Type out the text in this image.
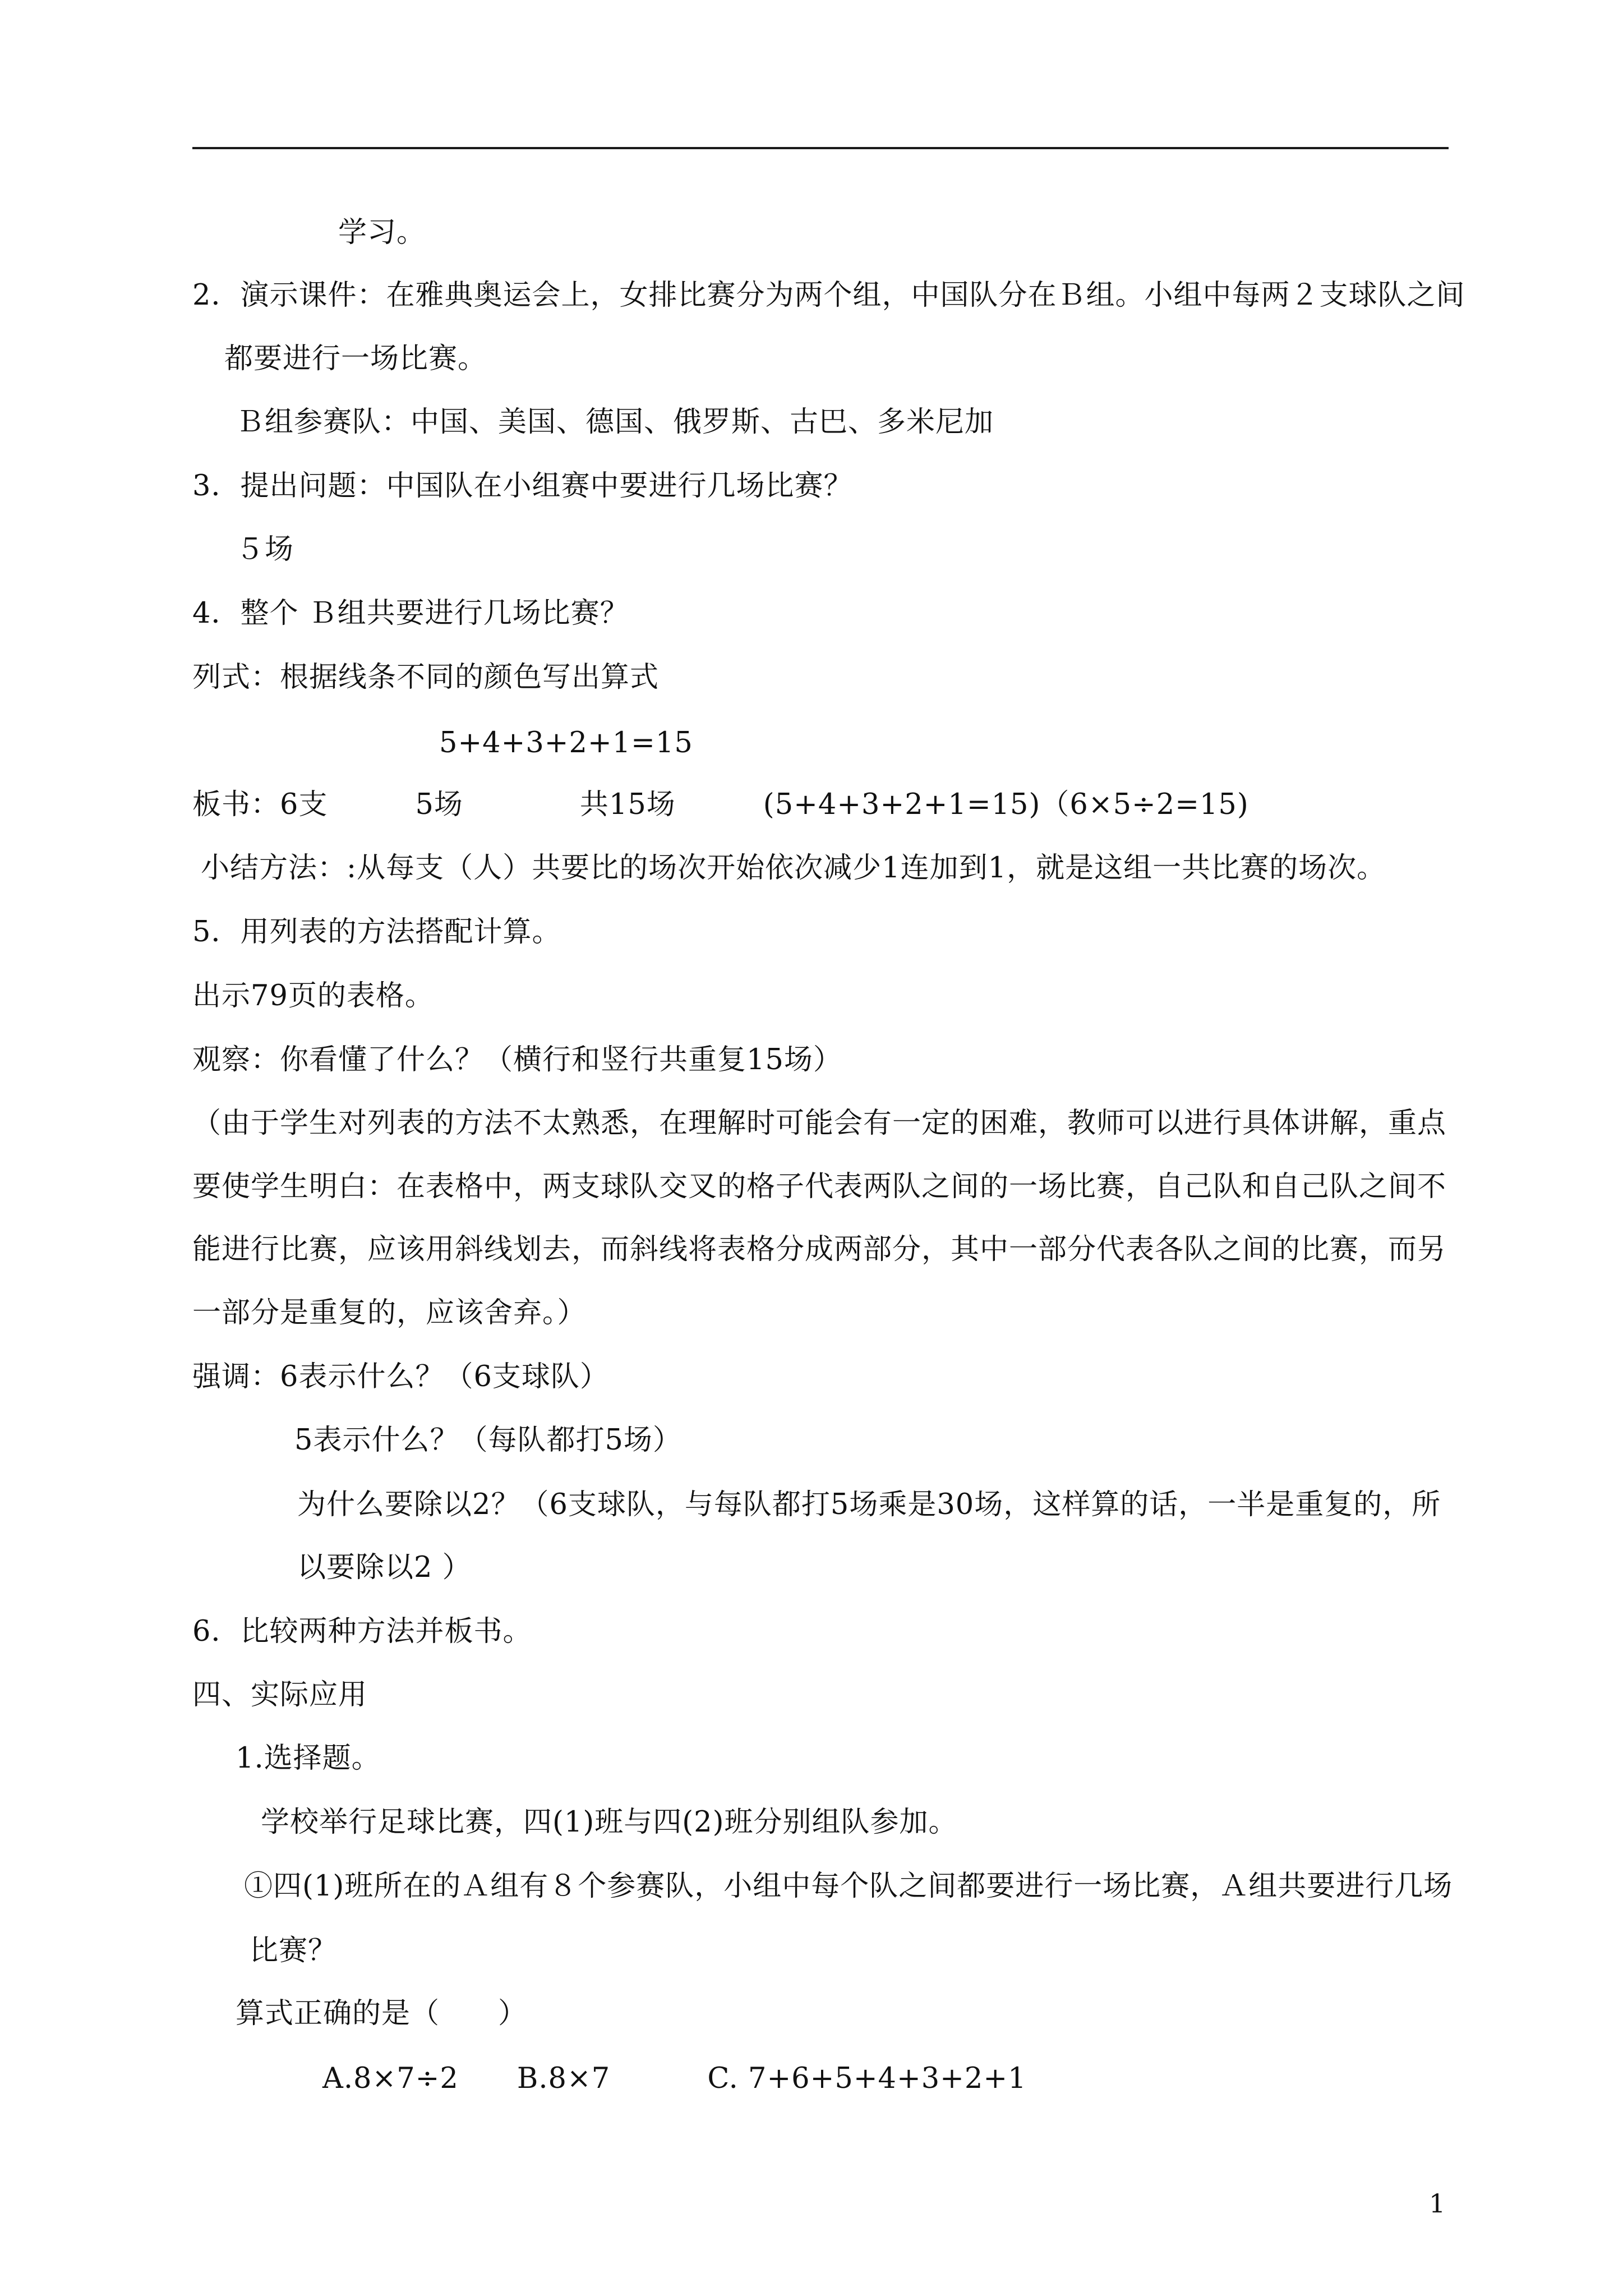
学习。
2．演示课件：在雅典奥运会上，女排比赛分为两个组，中国队分在Ｂ组。小组中每两２支球队之间
都要进行一场比赛。
Ｂ组参赛队：中国、美国、德国、俄罗斯、古巴、多米尼加
3．提出问题：中国队在小组赛中要进行几场比赛？
５场
4．整个 Ｂ组共要进行几场比赛？
列式：根据线条不同的颜色写出算式
5+4+3+2+1=15
板书：6支　　　5场　　　　共15场　　　(5+4+3+2+1=15)（6×5÷2=15)
小结方法：:从每支（人）共要比的场次开始依次减少1连加到1，就是这组一共比赛的场次。
5．用列表的方法搭配计算。
出示79页的表格。
观察：你看懂了什么？（横行和竖行共重复15场）
（由于学生对列表的方法不太熟悉，在理解时可能会有一定的困难，教师可以进行具体讲解，重点
要使学生明白：在表格中，两支球队交叉的格子代表两队之间的一场比赛，自己队和自己队之间不
能进行比赛，应该用斜线划去，而斜线将表格分成两部分，其中一部分代表各队之间的比赛，而另
一部分是重复的，应该舍弃。）
强调：6表示什么？（6支球队）
5表示什么？（每队都打5场）
为什么要除以2？（6支球队，与每队都打5场乘是30场，这样算的话，一半是重复的，所
以要除以2 ）
6．比较两种方法并板书。
四、实际应用
1.选择题。
学校举行足球比赛，四(1)班与四(2)班分别组队参加。
①四(1)班所在的Ａ组有８个参赛队，小组中每个队之间都要进行一场比赛，Ａ组共要进行几场
比赛？
算式正确的是（　　）
A.8×7÷2　　B.8×7　　　 C. 7+6+5+4+3+2+1
1
